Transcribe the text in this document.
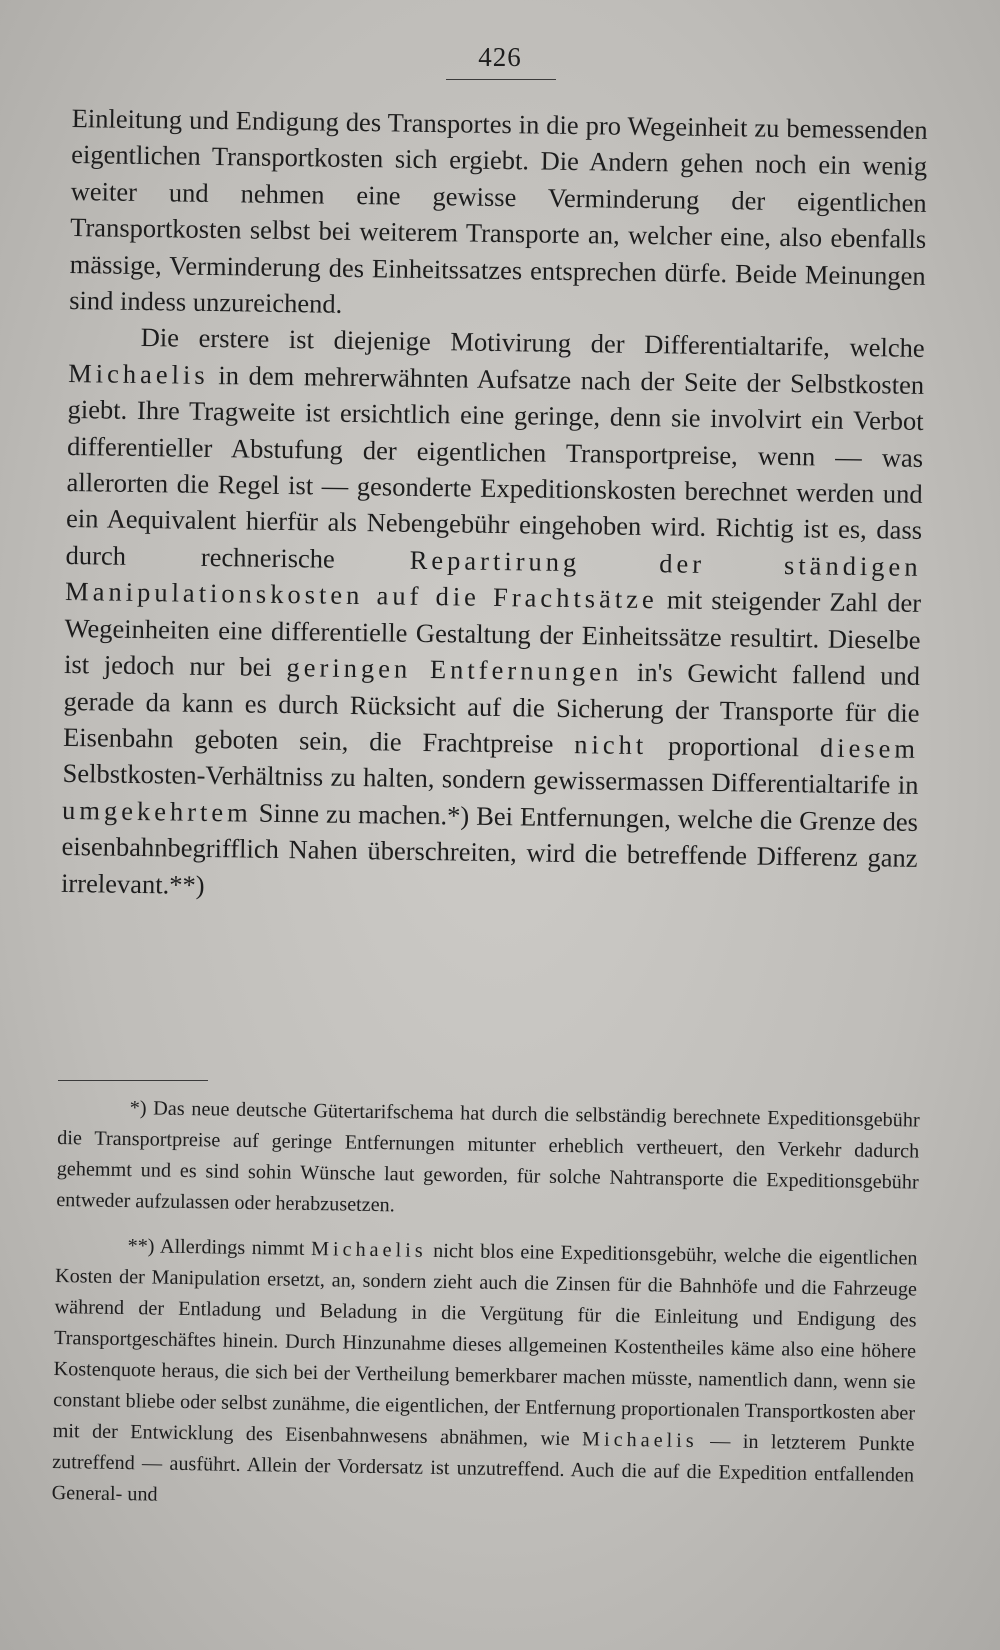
426

Einleitung und Endigung des Transportes in die pro Wegeinheit zu bemessenden eigentlichen Transportkosten sich ergiebt. Die Andern gehen noch ein wenig weiter und nehmen eine gewisse Verminderung der eigentlichen Transportkosten selbst bei weiterem Transporte an, welcher eine, also ebenfalls mässige, Verminderung des Einheitssatzes entsprechen dürfe. Beide Meinungen sind indess unzureichend.

Die erstere ist diejenige Motivirung der Differentialtarife, welche Michaelis in dem mehrerwähnten Aufsatze nach der Seite der Selbstkosten giebt. Ihre Tragweite ist ersichtlich eine geringe, denn sie involvirt ein Verbot differentieller Abstufung der eigentlichen Transportpreise, wenn — was allerorten die Regel ist — gesonderte Expeditionskosten berechnet werden und ein Aequivalent hierfür als Nebengebühr eingehoben wird. Richtig ist es, dass durch rechnerische Repartirung der ständigen Manipulationskosten auf die Frachtsätze mit steigender Zahl der Wegeinheiten eine differentielle Gestaltung der Einheitssätze resultirt. Dieselbe ist jedoch nur bei geringen Entfernungen in's Gewicht fallend und gerade da kann es durch Rücksicht auf die Sicherung der Transporte für die Eisenbahn geboten sein, die Frachtpreise nicht proportional diesem Selbstkosten-Verhältniss zu halten, sondern gewissermassen Differentialtarife in umgekehrtem Sinne zu machen.*) Bei Entfernungen, welche die Grenze des eisenbahnbegrifflich Nahen überschreiten, wird die betreffende Differenz ganz irrelevant.**)

*) Das neue deutsche Gütertarifschema hat durch die selbständig berechnete Expeditionsgebühr die Transportpreise auf geringe Entfernungen mitunter erheblich vertheuert, den Verkehr dadurch gehemmt und es sind sohin Wünsche laut geworden, für solche Nahtransporte die Expeditionsgebühr entweder aufzulassen oder herabzusetzen.

**) Allerdings nimmt Michaelis nicht blos eine Expeditionsgebühr, welche die eigentlichen Kosten der Manipulation ersetzt, an, sondern zieht auch die Zinsen für die Bahnhöfe und die Fahrzeuge während der Entladung und Beladung in die Vergütung für die Einleitung und Endigung des Transportgeschäftes hinein. Durch Hinzunahme dieses allgemeinen Kostentheiles käme also eine höhere Kostenquote heraus, die sich bei der Vertheilung bemerkbarer machen müsste, namentlich dann, wenn sie constant bliebe oder selbst zunähme, die eigentlichen, der Entfernung proportionalen Transportkosten aber mit der Entwicklung des Eisenbahnwesens abnähmen, wie Michaelis — in letzterem Punkte zutreffend — ausführt. Allein der Vordersatz ist unzutreffend. Auch die auf die Expedition entfallenden General- und
